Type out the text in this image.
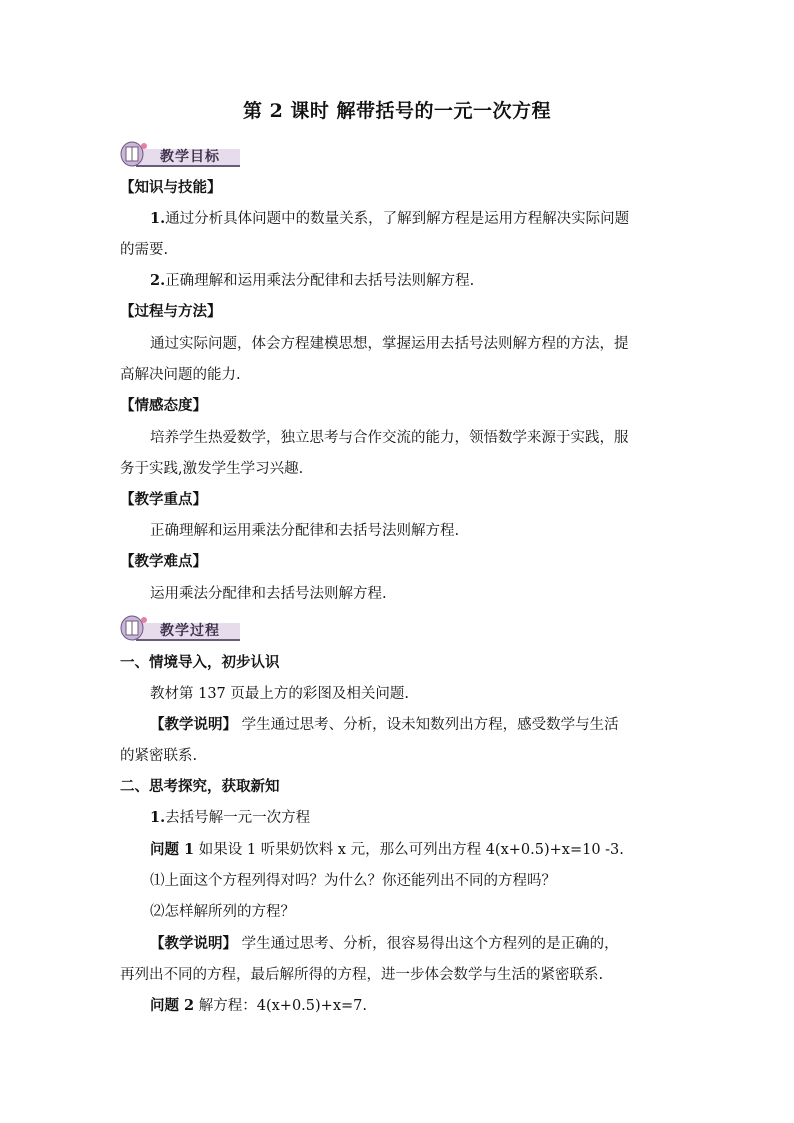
第 2 课时 解带括号的一元一次方程
教学目标
【知识与技能】
1.通过分析具体问题中的数量关系，了解到解方程是运用方程解决实际问题
的需要.
2.正确理解和运用乘法分配律和去括号法则解方程.
【过程与方法】
通过实际问题，体会方程建模思想，掌握运用去括号法则解方程的方法，提
高解决问题的能力.
【情感态度】
培养学生热爱数学，独立思考与合作交流的能力，领悟数学来源于实践，服
务于实践,激发学生学习兴趣.
【教学重点】
正确理解和运用乘法分配律和去括号法则解方程.
【教学难点】
运用乘法分配律和去括号法则解方程.
教学过程
一、情境导入，初步认识
教材第 137 页最上方的彩图及相关问题.
【教学说明】 学生通过思考、分析，设未知数列出方程，感受数学与生活
的紧密联系.
二、思考探究，获取新知
1.去括号解一元一次方程
问题 1 如果设 1 听果奶饮料 x 元，那么可列出方程 4(x+0.5)+x=10 -3.
⑴上面这个方程列得对吗？为什么？你还能列出不同的方程吗？
⑵怎样解所列的方程？
【教学说明】 学生通过思考、分析，很容易得出这个方程列的是正确的，
再列出不同的方程，最后解所得的方程，进一步体会数学与生活的紧密联系.
问题 2 解方程：4(x+0.5)+x=7.
